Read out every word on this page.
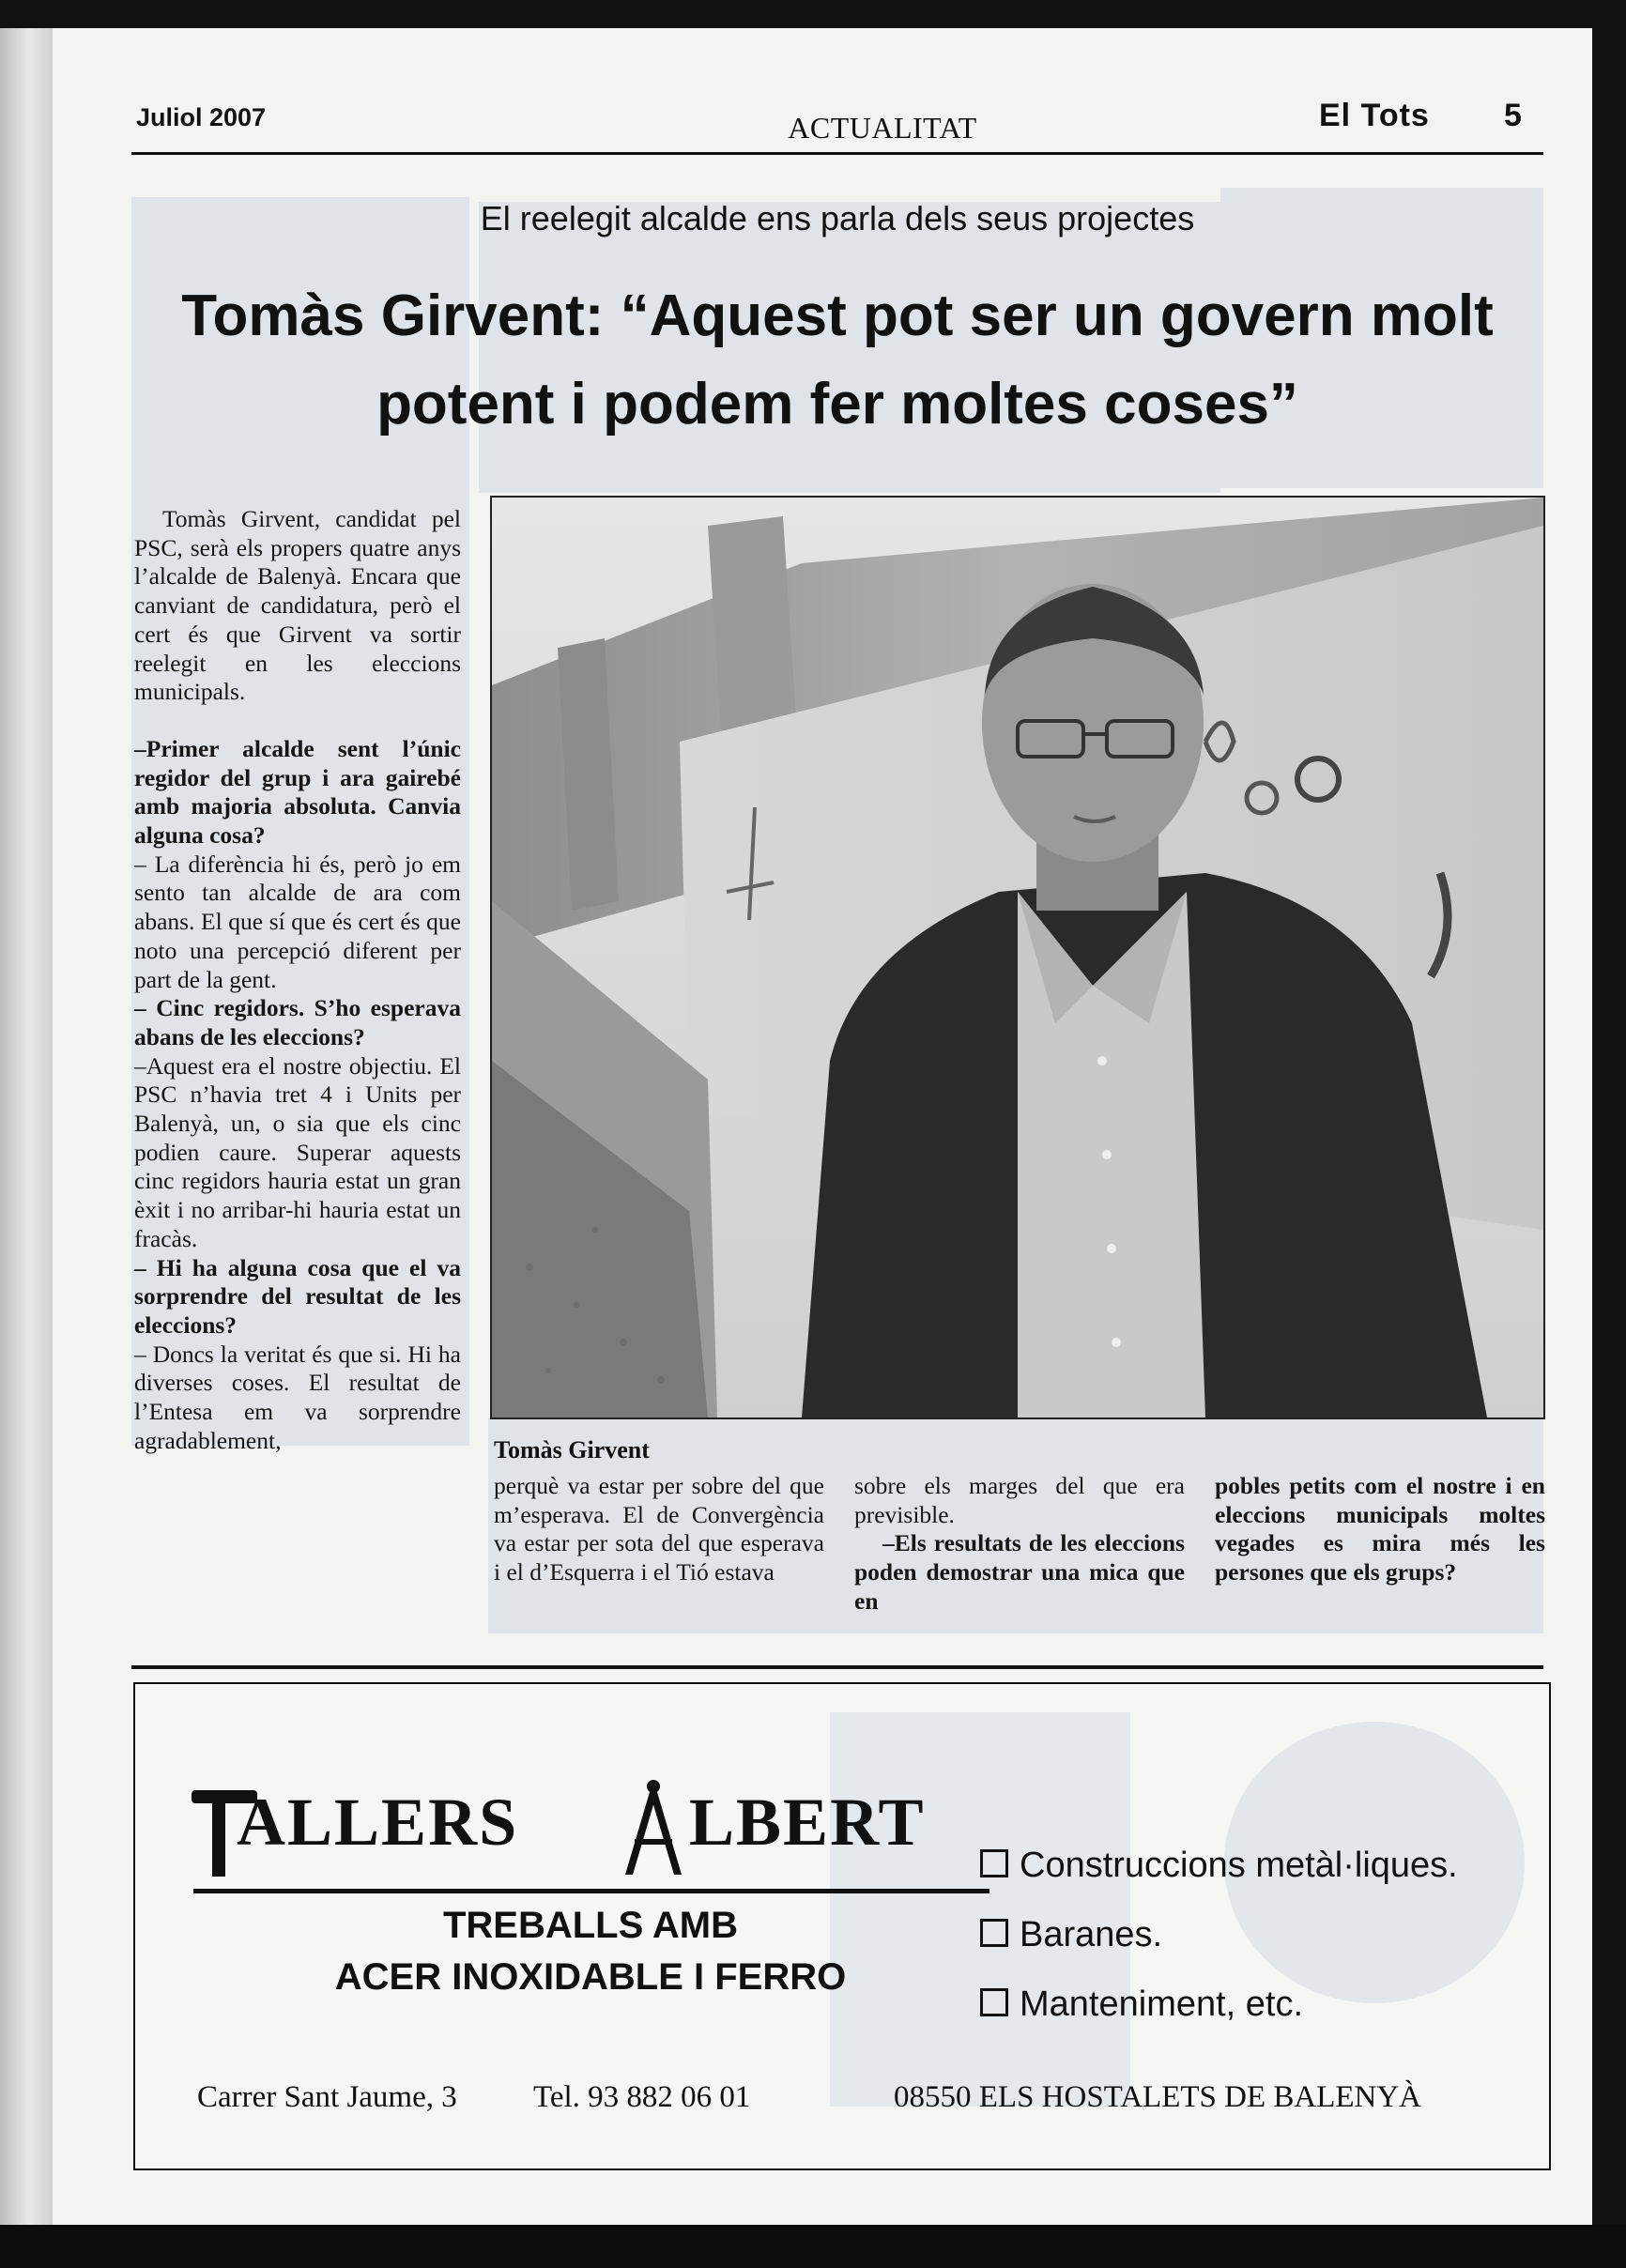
Juliol 2007	ACTUALITAT	El Tots 5
El reelegit alcalde ens parla dels seus projectes
Tomàs Girvent: “Aquest pot ser un govern molt potent i podem fer moltes coses”

Tomàs Girvent, candidat pel PSC, serà els propers quatre anys l’alcalde de Balenyà. Encara que canviant de candidatura, però el cert és que Girvent va sortir reelegit en les eleccions municipals.

–Primer alcalde sent l’únic regidor del grup i ara gairebé amb majoria absoluta. Canvia alguna cosa?

– La diferència hi és, però jo em sento tan alcalde de ara com abans. El que sí que és cert és que noto una percepció diferent per part de la gent.

– Cinc regidors. S’ho esperava abans de les eleccions?

–Aquest era el nostre objectiu. El PSC n’havia tret 4 i Units per Balenyà, un, o sia que els cinc podien caure. Superar aquests cinc regidors hauria estat un gran èxit i no arribar-hi hauria estat un fracàs.

– Hi ha alguna cosa que el va sorprendre del resultat de les eleccions?

– Doncs la veritat és que si. Hi ha diverses coses. El resultat de l’Entesa em va sorprendre agradablement,	Tomàs Girvent

perquè va estar per sobre del que m’esperava. El de Convergència va estar per sota del que esperava i el d’Esquerra i el Tió estava

sobre els marges del que era previsible.

–Els resultats de les eleccions poden demostrar una mica que en

pobles petits com el nostre i en eleccions municipals moltes vegades es mira més les persones que els grups?

ALLERS	LBERT
TREBALLS AMB
ACER INOXIDABLE I FERRO
Construccions metàl·liques.
Baranes.
Manteniment, etc.
Carrer Sant Jaume, 3 Tel. 93 882 06 01	08550 ELS HOSTALETS DE BALENYÀ
